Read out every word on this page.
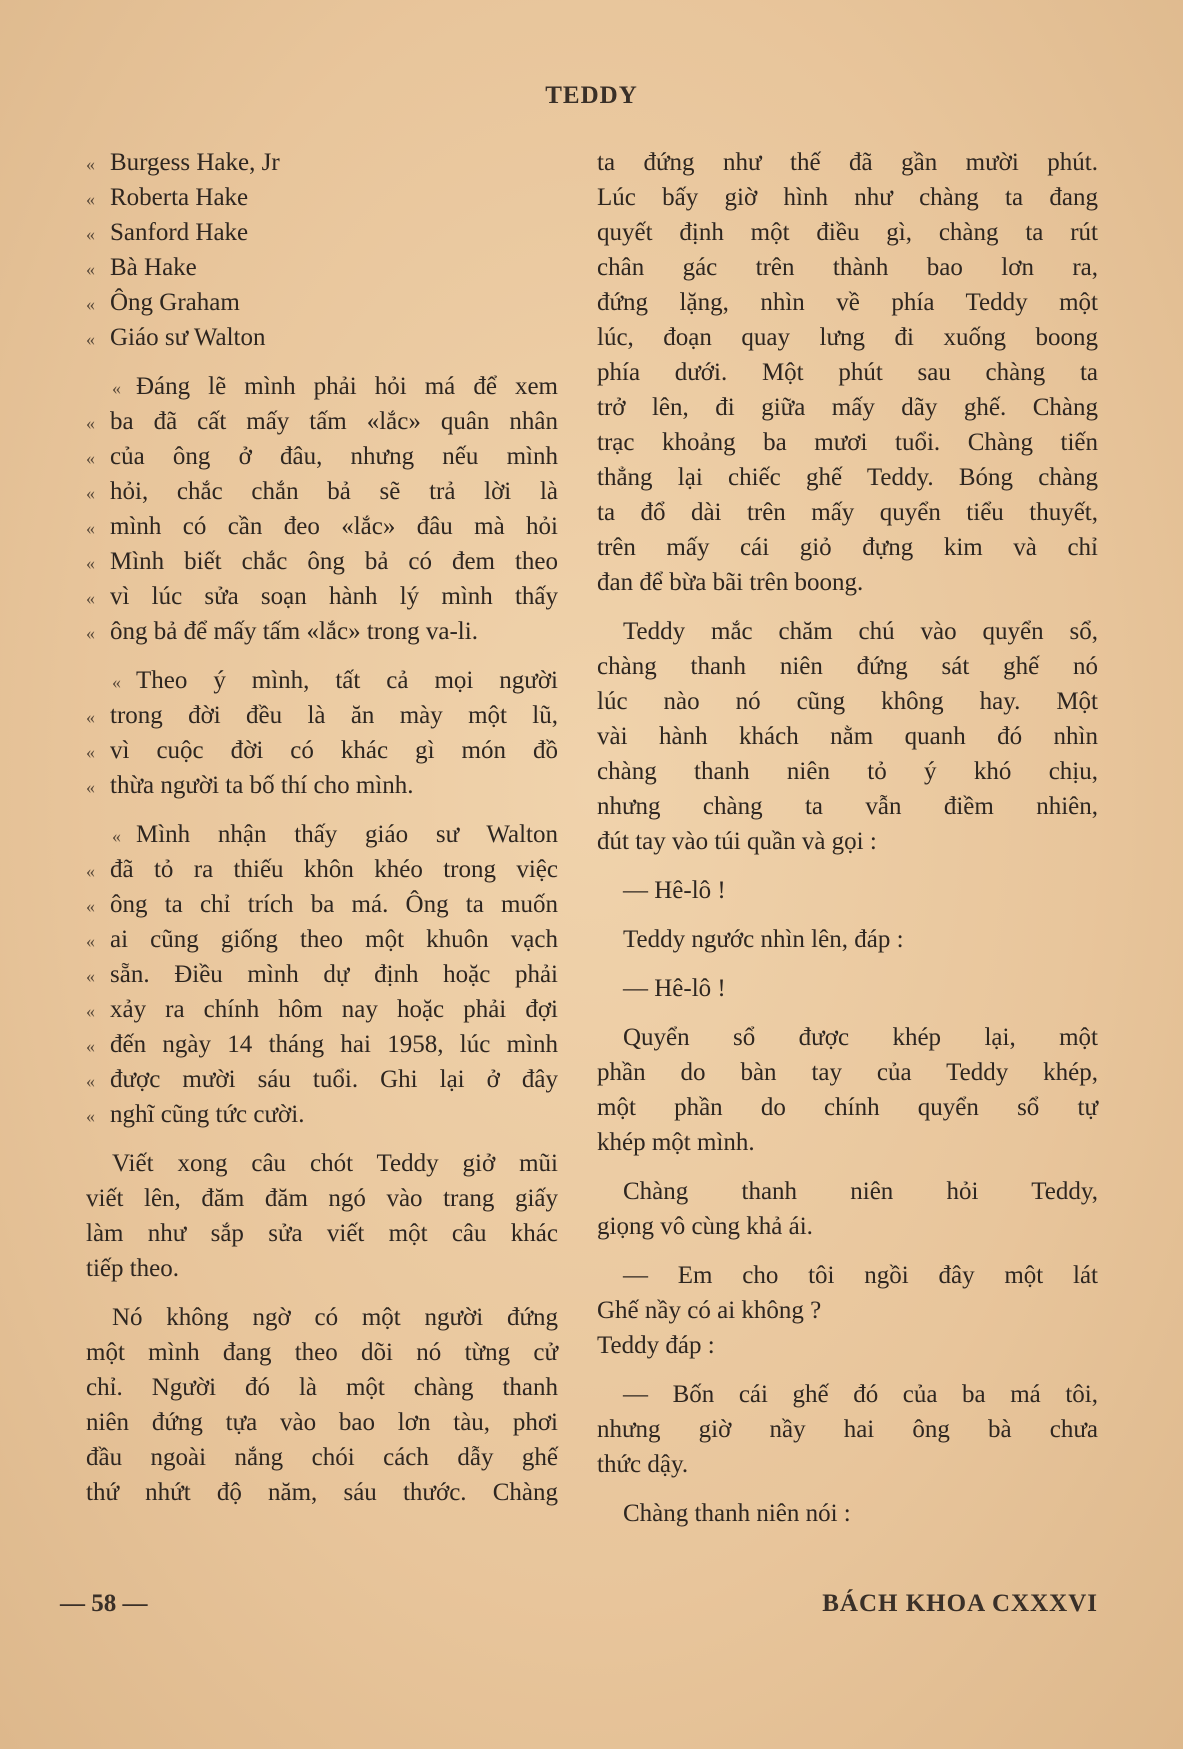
TEDDY
« Burgess Hake, Jr
« Roberta Hake
« Sanford Hake
« Bà Hake
« Ông Graham
« Giáo sư Walton
« Đáng lẽ mình phải hỏi má để xem
« ba đã cất mấy tấm «lắc» quân nhân
« của ông ở đâu, nhưng nếu mình
« hỏi, chắc chắn bả sẽ trả lời là
« mình có cần đeo «lắc» đâu mà hỏi
« Mình biết chắc ông bả có đem theo
« vì lúc sửa soạn hành lý mình thấy
« ông bả để mấy tấm «lắc» trong va-li.
« Theo ý mình, tất cả mọi người
« trong đời đều là ăn mày một lũ,
« vì cuộc đời có khác gì món đồ
« thừa người ta bố thí cho mình.
« Mình nhận thấy giáo sư Walton
« đã tỏ ra thiếu khôn khéo trong việc
« ông ta chỉ trích ba má. Ông ta muốn
« ai cũng giống theo một khuôn vạch
« sẵn. Điều mình dự định hoặc phải
« xảy ra chính hôm nay hoặc phải đợi
« đến ngày 14 tháng hai 1958, lúc mình
« được mười sáu tuổi. Ghi lại ở đây
« nghĩ cũng tức cười.
Viết xong câu chót Teddy giở mũi
viết lên, đăm đăm ngó vào trang giấy
làm như sắp sửa viết một câu khác
tiếp theo.
Nó không ngờ có một người đứng
một mình đang theo dõi nó từng cử
chỉ. Người đó là một chàng thanh
niên đứng tựa vào bao lơn tàu, phơi
đầu ngoài nắng chói cách dẫy ghế
thứ nhứt độ năm, sáu thước. Chàng
ta đứng như thế đã gần mười phút.
Lúc bấy giờ hình như chàng ta đang
quyết định một điều gì, chàng ta rút
chân gác trên thành bao lơn ra,
đứng lặng, nhìn về phía Teddy một
lúc, đoạn quay lưng đi xuống boong
phía dưới. Một phút sau chàng ta
trở lên, đi giữa mấy dãy ghế. Chàng
trạc khoảng ba mươi tuổi. Chàng tiến
thẳng lại chiếc ghế Teddy. Bóng chàng
ta đổ dài trên mấy quyển tiểu thuyết,
trên mấy cái giỏ đựng kim và chỉ
đan để bừa bãi trên boong.
Teddy mắc chăm chú vào quyển sổ,
chàng thanh niên đứng sát ghế nó
lúc nào nó cũng không hay. Một
vài hành khách nằm quanh đó nhìn
chàng thanh niên tỏ ý khó chịu,
nhưng chàng ta vẫn điềm nhiên,
đút tay vào túi quần và gọi :
— Hê-lô !
Teddy ngước nhìn lên, đáp :
— Hê-lô !
Quyển sổ được khép lại, một
phần do bàn tay của Teddy khép,
một phần do chính quyển sổ tự
khép một mình.
Chàng thanh niên hỏi Teddy,
giọng vô cùng khả ái.
— Em cho tôi ngồi đây một lát
Ghế nầy có ai không ?
Teddy đáp :
— Bốn cái ghế đó của ba má tôi,
nhưng giờ nầy hai ông bà chưa
thức dậy.
Chàng thanh niên nói :
— 58 —	BÁCH KHOA CXXXVI
